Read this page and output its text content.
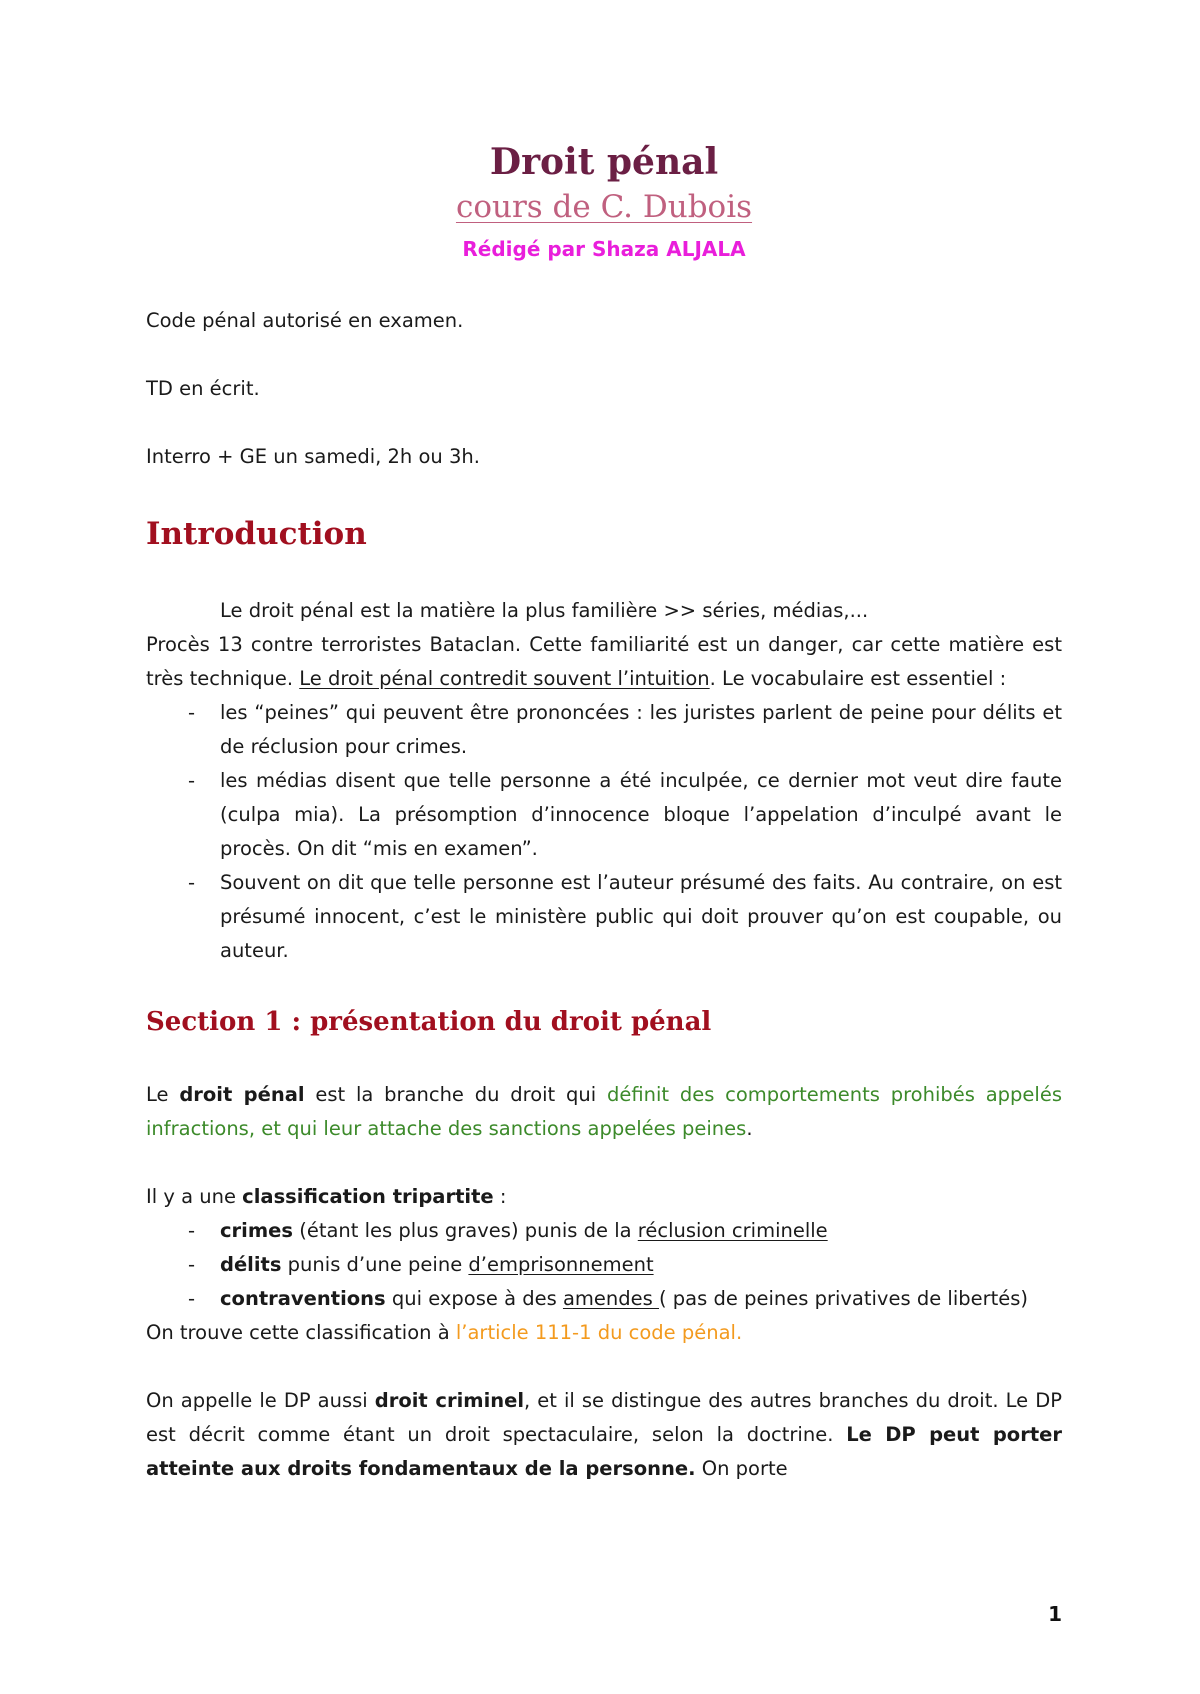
Droit pénal
cours de C. Dubois
Rédigé par Shaza ALJALA

Code pénal autorisé en examen.

TD en écrit.

Interro + GE un samedi, 2h ou 3h.

Introduction

Le droit pénal est la matière la plus familière >> séries, médias,...

Procès 13 contre terroristes Bataclan. Cette familiarité est un danger, car cette matière est très technique. Le droit pénal contredit souvent l’intuition. Le vocabulaire est essentiel :

- les “peines” qui peuvent être prononcées : les juristes parlent de peine pour délits et de réclusion pour crimes.
- les médias disent que telle personne a été inculpée, ce dernier mot veut dire faute (culpa mia). La présomption d’innocence bloque l’appelation d’inculpé avant le procès. On dit “mis en examen”.
- Souvent on dit que telle personne est l’auteur présumé des faits. Au contraire, on est présumé innocent, c’est le ministère public qui doit prouver qu’on est coupable, ou auteur.
Section 1 : présentation du droit pénal

Le droit pénal est la branche du droit qui définit des comportements prohibés appelés infractions, et qui leur attache des sanctions appelées peines.

Il y a une classification tripartite :

- crimes (étant les plus graves) punis de la réclusion criminelle
- délits punis d’une peine d’emprisonnement
- contraventions qui expose à des amendes ( pas de peines privatives de libertés)

On trouve cette classification à l’article 111-1 du code pénal.

On appelle le DP aussi droit criminel, et il se distingue des autres branches du droit. Le DP est décrit comme étant un droit spectaculaire, selon la doctrine. Le DP peut porter atteinte aux droits fondamentaux de la personne. On porte

1
